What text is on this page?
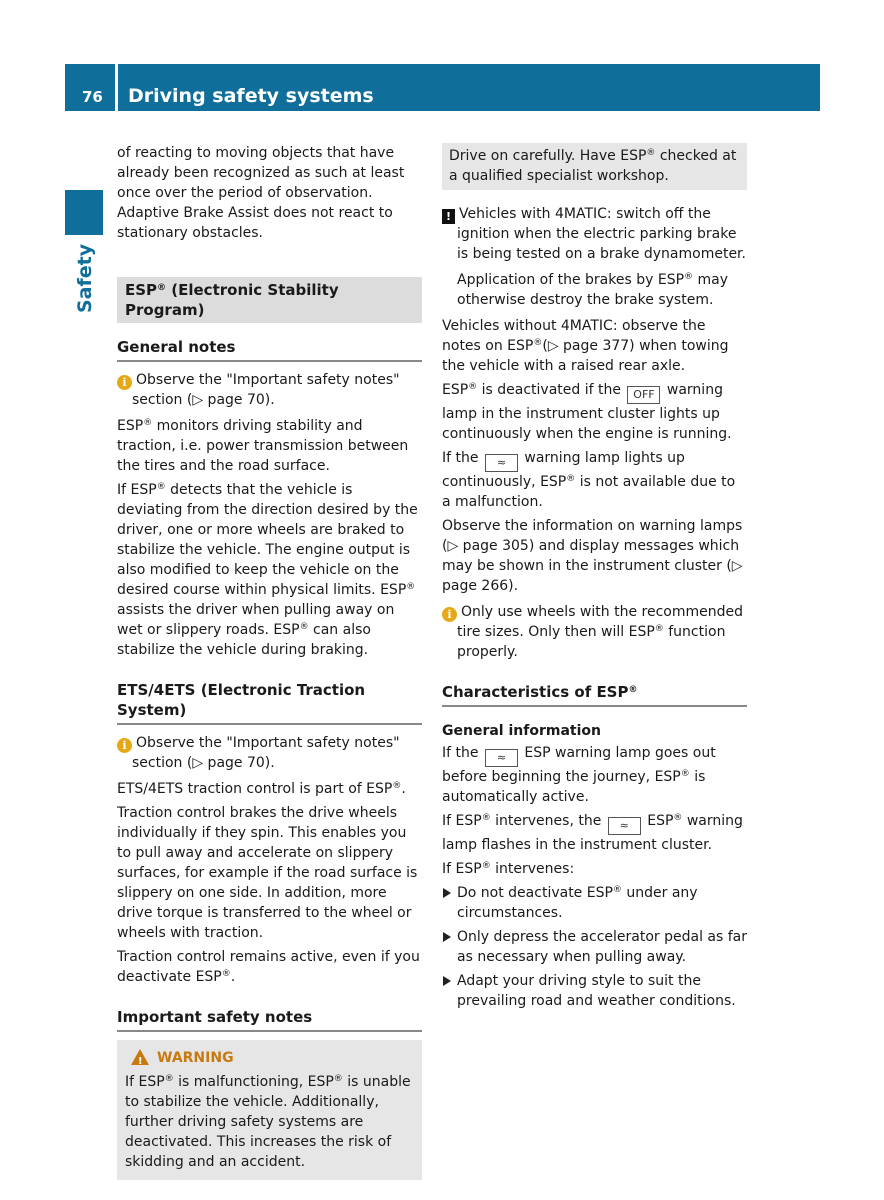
76 Driving safety systems
Safety

of reacting to moving objects that have already been recognized as such at least once over the period of observation. Adaptive Brake Assist does not react to stationary obstacles.

ESP® (Electronic Stability Program)
General notes
i Observe the "Important safety notes" section (▷ page 70).

ESP® monitors driving stability and traction, i.e. power transmission between the tires and the road surface.

If ESP® detects that the vehicle is deviating from the direction desired by the driver, one or more wheels are braked to stabilize the vehicle. The engine output is also modified to keep the vehicle on the desired course within physical limits. ESP® assists the driver when pulling away on wet or slippery roads. ESP® can also stabilize the vehicle during braking.

ETS/4ETS (Electronic Traction System)
i Observe the "Important safety notes" section (▷ page 70).

ETS/4ETS traction control is part of ESP®.

Traction control brakes the drive wheels individually if they spin. This enables you to pull away and accelerate on slippery surfaces, for example if the road surface is slippery on one side. In addition, more drive torque is transferred to the wheel or wheels with traction.

Traction control remains active, even if you deactivate ESP®.

Important safety notes
!WARNING
If ESP® is malfunctioning, ESP® is unable to stabilize the vehicle. Additionally, further driving safety systems are deactivated. This increases the risk of skidding and an accident.
Drive on carefully. Have ESP® checked at a qualified specialist workshop.
! Vehicles with 4MATIC: switch off the ignition when the electric parking brake is being tested on a brake dynamometer.
Application of the brakes by ESP® may otherwise destroy the brake system.

Vehicles without 4MATIC: observe the notes on ESP®(▷ page 377) when towing the vehicle with a raised rear axle.

ESP® is deactivated if the OFF warning lamp in the instrument cluster lights up continuously when the engine is running.

If the ≈ warning lamp lights up continuously, ESP® is not available due to a malfunction.

Observe the information on warning lamps (▷ page 305) and display messages which may be shown in the instrument cluster (▷ page 266).

i Only use wheels with the recommended tire sizes. Only then will ESP® function properly.
Characteristics of ESP®
General information

If the ≈ ESP warning lamp goes out before beginning the journey, ESP® is automatically active.

If ESP® intervenes, the ≈ ESP® warning lamp flashes in the instrument cluster.

If ESP® intervenes:

Do not deactivate ESP® under any circumstances.
Only depress the accelerator pedal as far as necessary when pulling away.
Adapt your driving style to suit the prevailing road and weather conditions.
